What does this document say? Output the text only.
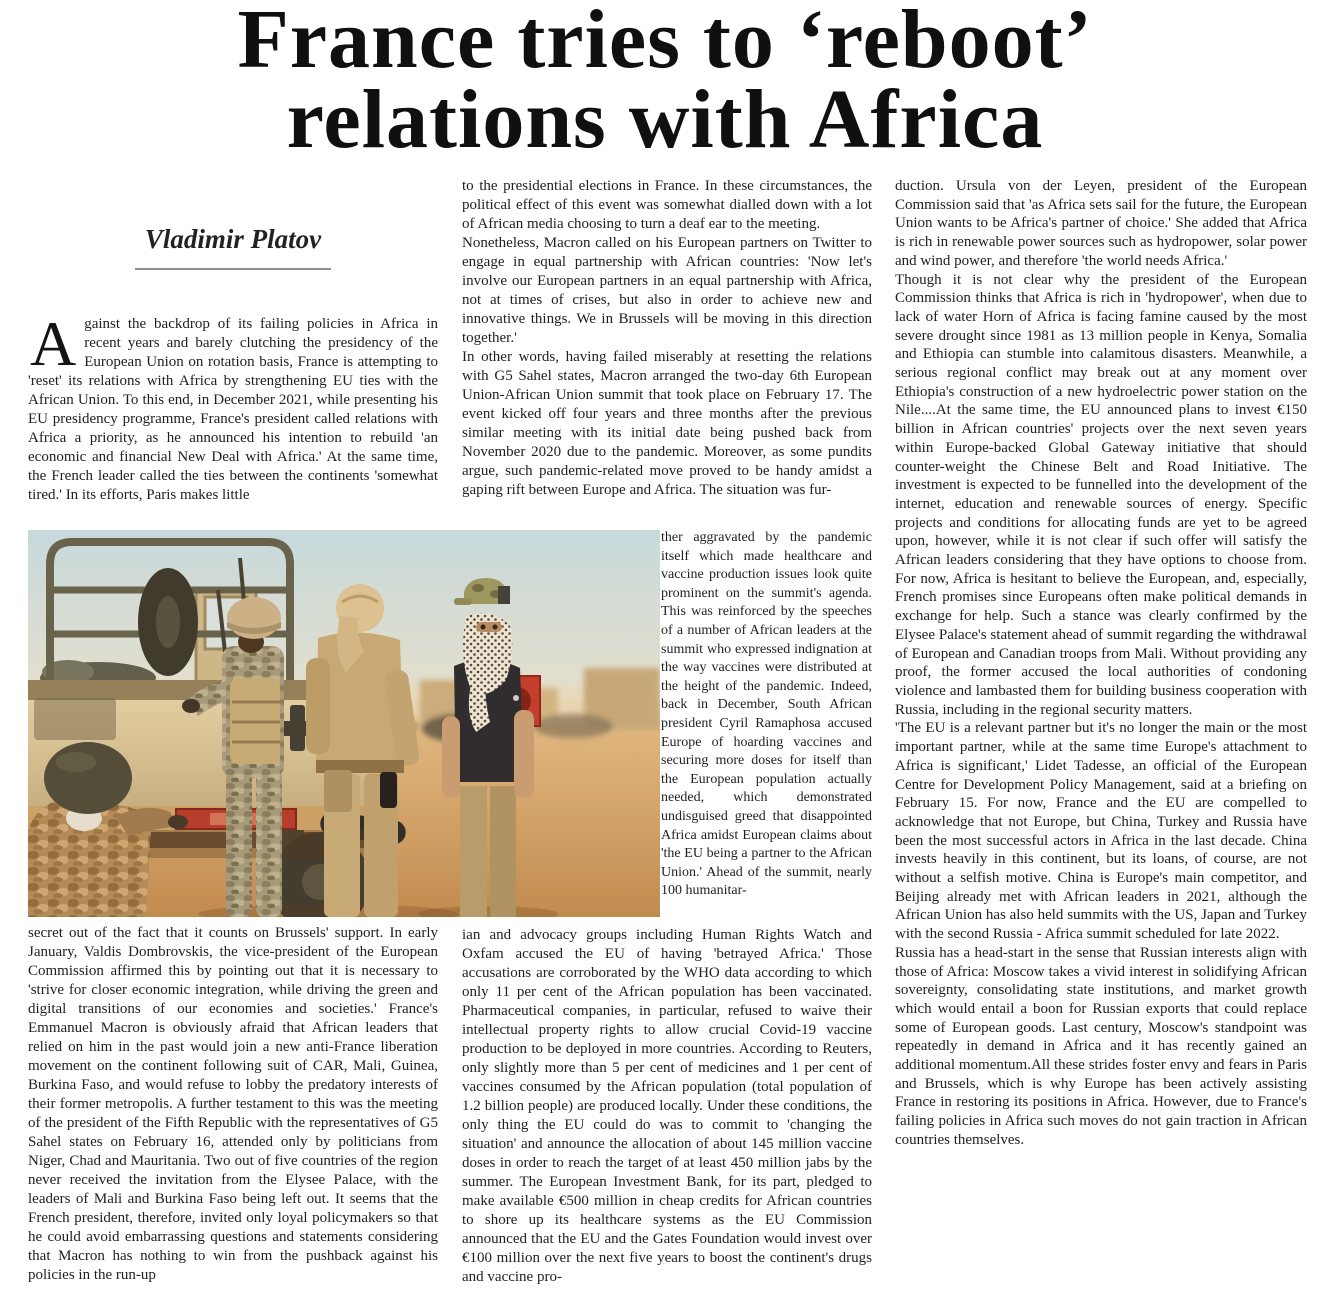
France tries to ‘reboot’
relations with Africa
Vladimir Platov

Against the backdrop of its failing policies in Africa in recent years and barely clutching the presidency of the European Union on rotation basis, France is attempting to 'reset' its relations with Africa by strengthening EU ties with the African Union. To this end, in December 2021, while presenting his EU presidency programme, France's president called relations with Africa a priority, as he announced his intention to rebuild 'an economic and financial New Deal with Africa.' At the same time, the French leader called the ties between the continents 'somewhat tired.' In its efforts, Paris makes little

secret out of the fact that it counts on Brussels' support. In early January, Valdis Dombrovskis, the vice-president of the European Commission affirmed this by pointing out that it is necessary to 'strive for closer economic integration, while driving the green and digital transitions of our economies and societies.' France's Emmanuel Macron is obviously afraid that African leaders that relied on him in the past would join a new anti-France liberation movement on the continent following suit of CAR, Mali, Guinea, Burkina Faso, and would refuse to lobby the predatory interests of their former metropolis. A further testament to this was the meeting of the president of the Fifth Republic with the representatives of G5 Sahel states on February 16, attended only by politicians from Niger, Chad and Mauritania. Two out of five countries of the region never received the invitation from the Elysee Palace, with the leaders of Mali and Burkina Faso being left out. It seems that the French president, therefore, invited only loyal policymakers so that he could avoid embarrassing questions and statements considering that Macron has nothing to win from the pushback against his policies in the run-up

to the presidential elections in France. In these circumstances, the political effect of this event was somewhat dialled down with a lot of African media choosing to turn a deaf ear to the meeting.

Nonetheless, Macron called on his European partners on Twitter to engage in equal partnership with African countries: 'Now let's involve our European partners in an equal partnership with Africa, not at times of crises, but also in order to achieve new and innovative things. We in Brussels will be moving in this direction together.'

In other words, having failed miserably at resetting the relations with G5 Sahel states, Macron arranged the two-day 6th European Union-African Union summit that took place on February 17. The event kicked off four years and three months after the previous similar meeting with its initial date being pushed back from November 2020 due to the pandemic. Moreover, as some pundits argue, such pandemic-related move proved to be handy amidst a gaping rift between Europe and Africa. The situation was fur-

ther aggravated by the pandemic itself which made healthcare and vaccine production issues look quite prominent on the summit's agenda. This was reinforced by the speeches of a number of African leaders at the summit who expressed indignation at the way vaccines were distributed at the height of the pandemic. Indeed, back in December, South African president Cyril Ramaphosa accused Europe of hoarding vaccines and securing more doses for itself than the European population actually needed, which demonstrated undisguised greed that disappointed Africa amidst European claims about 'the EU being a partner to the African Union.' Ahead of the summit, nearly 100 humanitar-

ian and advocacy groups including Human Rights Watch and Oxfam accused the EU of having 'betrayed Africa.' Those accusations are corroborated by the WHO data according to which only 11 per cent of the African population has been vaccinated. Pharmaceutical companies, in particular, refused to waive their intellectual property rights to allow crucial Covid-19 vaccine production to be deployed in more countries. According to Reuters, only slightly more than 5 per cent of medicines and 1 per cent of vaccines consumed by the African population (total population of 1.2 billion people) are produced locally. Under these conditions, the only thing the EU could do was to commit to 'changing the situation' and announce the allocation of about 145 million vaccine doses in order to reach the target of at least 450 million jabs by the summer. The European Investment Bank, for its part, pledged to make available €500 million in cheap credits for African countries to shore up its healthcare systems as the EU Commission announced that the EU and the Gates Foundation would invest over €100 million over the next five years to boost the continent's drugs and vaccine pro-

duction. Ursula von der Leyen, president of the European Commission said that 'as Africa sets sail for the future, the European Union wants to be Africa's partner of choice.' She added that Africa is rich in renewable power sources such as hydropower, solar power and wind power, and therefore 'the world needs Africa.'

Though it is not clear why the president of the European Commission thinks that Africa is rich in 'hydropower', when due to lack of water Horn of Africa is facing famine caused by the most severe drought since 1981 as 13 million people in Kenya, Somalia and Ethiopia can stumble into calamitous disasters. Meanwhile, a serious regional conflict may break out at any moment over Ethiopia's construction of a new hydroelectric power station on the Nile....At the same time, the EU announced plans to invest €150 billion in African countries' projects over the next seven years within Europe-backed Global Gateway initiative that should counter-weight the Chinese Belt and Road Initiative. The investment is expected to be funnelled into the development of the internet, education and renewable sources of energy. Specific projects and conditions for allocating funds are yet to be agreed upon, however, while it is not clear if such offer will satisfy the African leaders considering that they have options to choose from. For now, Africa is hesitant to believe the European, and, especially, French promises since Europeans often make political demands in exchange for help. Such a stance was clearly confirmed by the Elysee Palace's statement ahead of summit regarding the withdrawal of European and Canadian troops from Mali. Without providing any proof, the former accused the local authorities of condoning violence and lambasted them for building business cooperation with Russia, including in the regional security matters.

'The EU is a relevant partner but it's no longer the main or the most important partner, while at the same time Europe's attachment to Africa is significant,' Lidet Tadesse, an official of the European Centre for Development Policy Management, said at a briefing on February 15. For now, France and the EU are compelled to acknowledge that not Europe, but China, Turkey and Russia have been the most successful actors in Africa in the last decade. China invests heavily in this continent, but its loans, of course, are not without a selfish motive. China is Europe's main competitor, and Beijing already met with African leaders in 2021, although the African Union has also held summits with the US, Japan and Turkey with the second Russia - Africa summit scheduled for late 2022.

Russia has a head-start in the sense that Russian interests align with those of Africa: Moscow takes a vivid interest in solidifying African sovereignty, consolidating state institutions, and market growth which would entail a boon for Russian exports that could replace some of European goods. Last century, Moscow's standpoint was repeatedly in demand in Africa and it has recently gained an additional momentum.All these strides foster envy and fears in Paris and Brussels, which is why Europe has been actively assisting France in restoring its positions in Africa. However, due to France's failing policies in Africa such moves do not gain traction in African countries themselves.
